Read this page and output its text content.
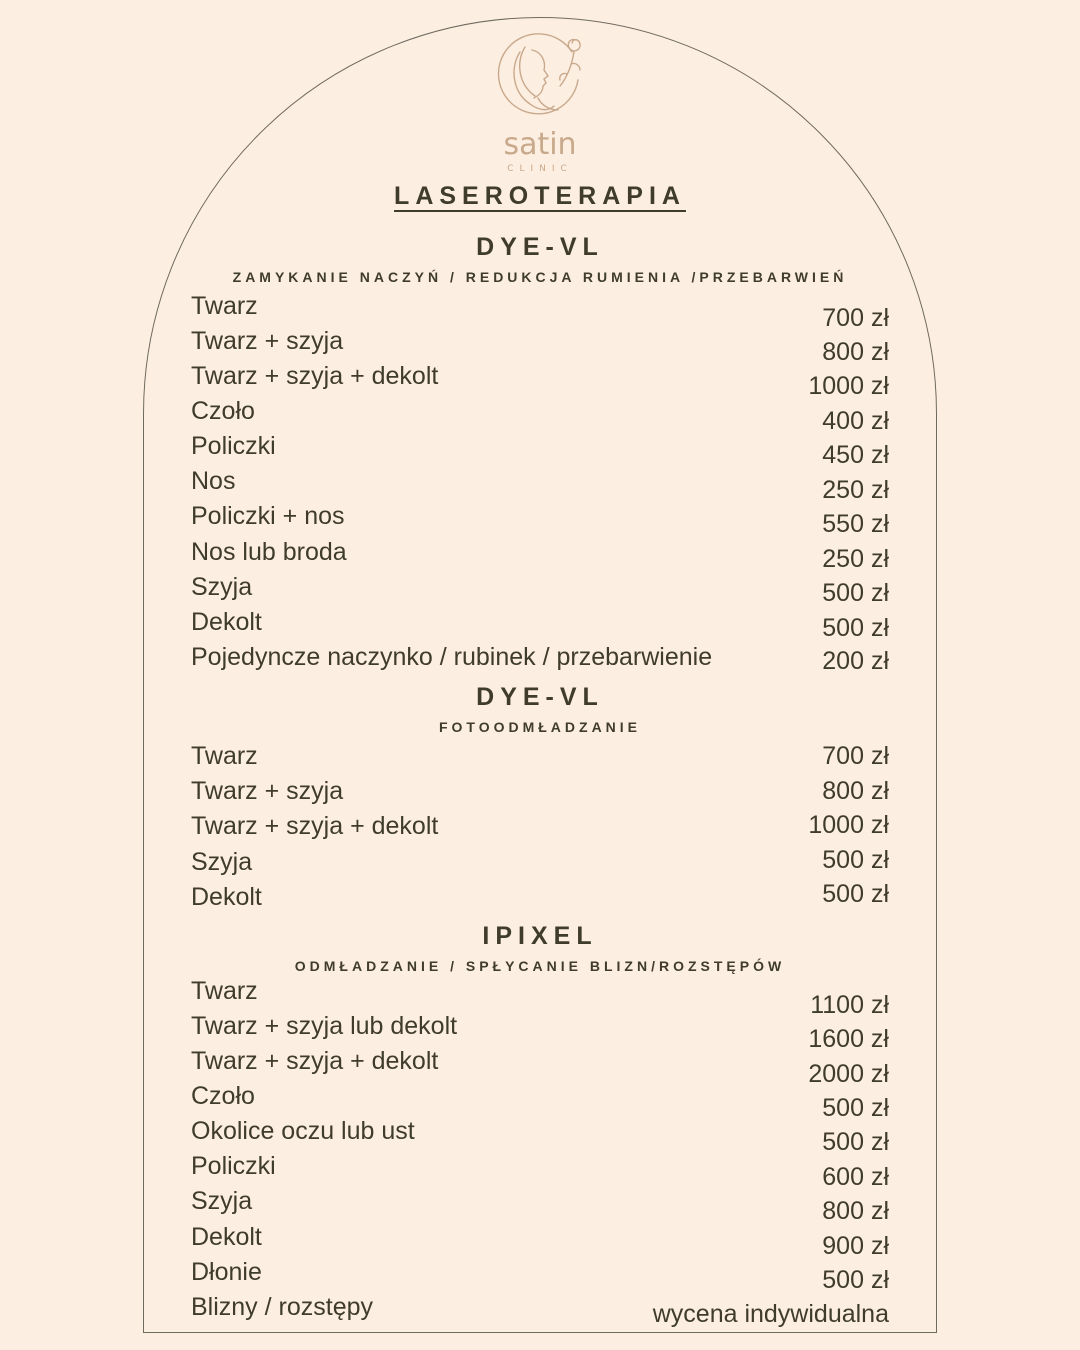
satin
CLINIC
LASEROTERAPIA
DYE-VL
ZAMYKANIE NACZYŃ / REDUKCJA RUMIENIA /PRZEBARWIEŃ
Twarz	700 zł
Twarz + szyja	800 zł
Twarz + szyja + dekolt	1000 zł
Czoło	400 zł
Policzki	450 zł
Nos	250 zł
Policzki + nos	550 zł
Nos lub broda	250 zł
Szyja	500 zł
Dekolt	500 zł
Pojedyncze naczynko / rubinek / przebarwienie	200 zł
DYE-VL
FOTOODMŁADZANIE
Twarz	700 zł
Twarz + szyja	800 zł
Twarz + szyja + dekolt	1000 zł
Szyja	500 zł
Dekolt	500 zł
IPIXEL
ODMŁADZANIE / SPŁYCANIE BLIZN/ROZSTĘPÓW
Twarz	1100 zł
Twarz + szyja lub dekolt	1600 zł
Twarz + szyja + dekolt	2000 zł
Czoło	500 zł
Okolice oczu lub ust	500 zł
Policzki	600 zł
Szyja	800 zł
Dekolt	900 zł
Dłonie	500 zł
Blizny / rozstępy	wycena indywidualna
